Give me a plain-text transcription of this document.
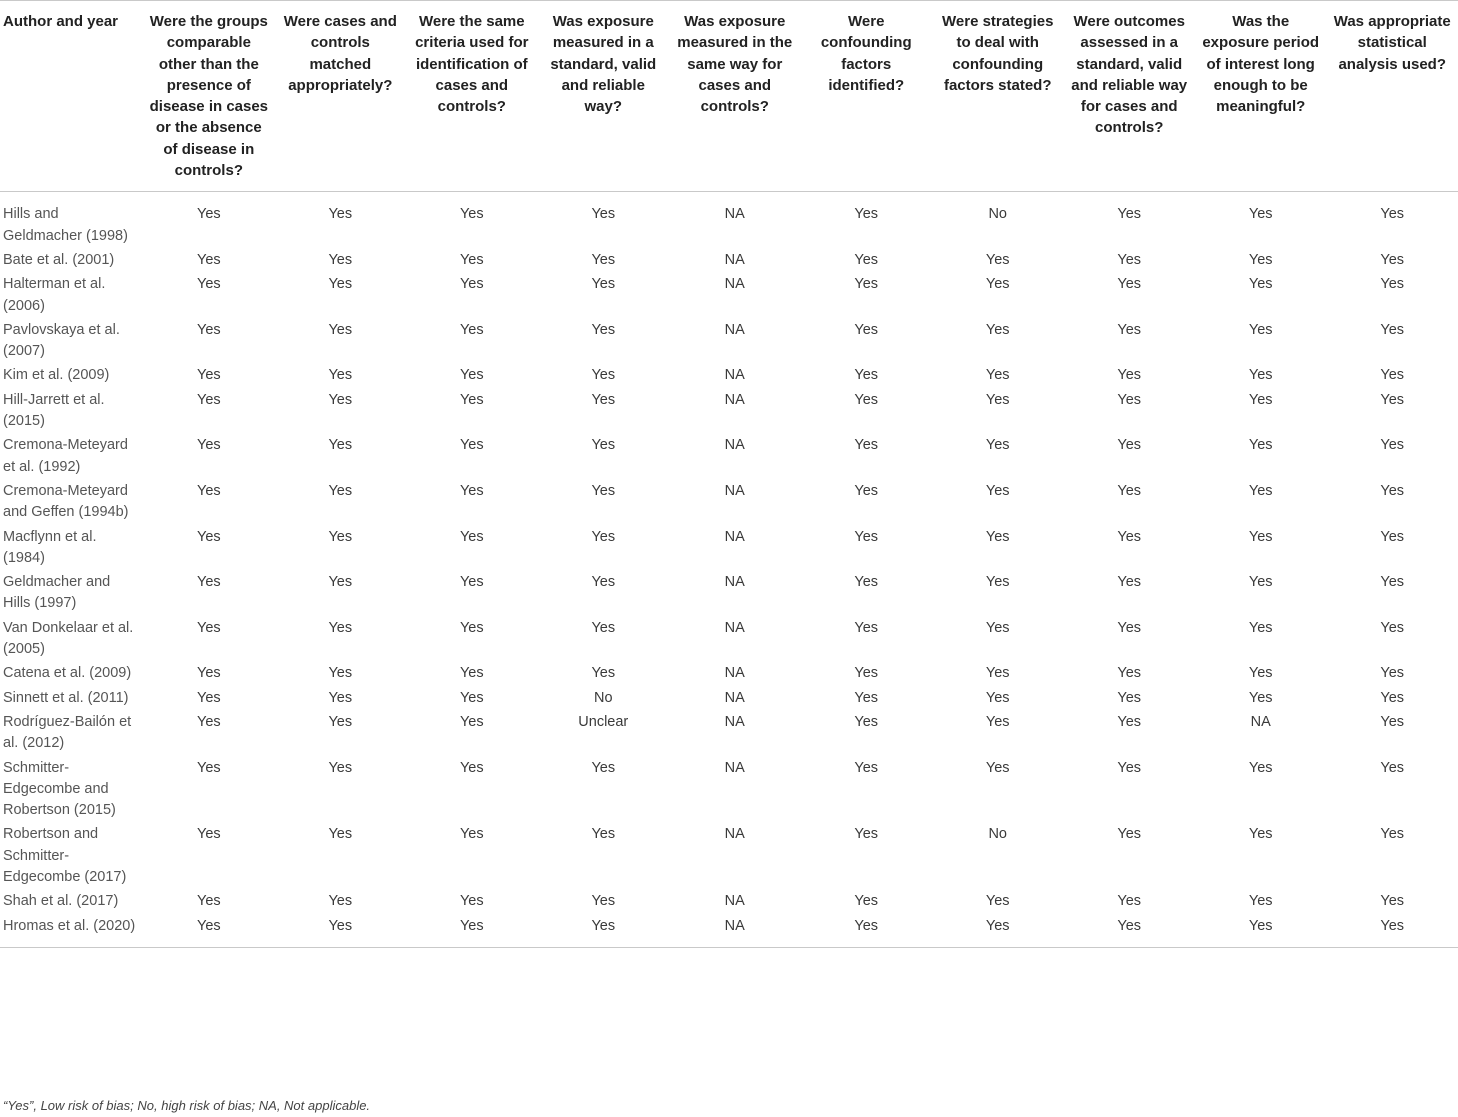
Author and year	Were the groups comparable other than the presence of disease in cases or the absence of disease in controls?	Were cases and controls matched appropriately?	Were the same criteria used for identification of cases and controls?	Was exposure measured in a standard, valid and reliable way?	Was exposure measured in the same way for cases and controls?	Were confounding factors identified?	Were strategies to deal with confounding factors stated?	Were outcomes assessed in a standard, valid and reliable way for cases and controls?	Was the exposure period of interest long enough to be meaningful?	Was appropriate statistical analysis used?
Hills and Geldmacher (1998)	Yes	Yes	Yes	Yes	NA	Yes	No	Yes	Yes	Yes
Bate et al. (2001)	Yes	Yes	Yes	Yes	NA	Yes	Yes	Yes	Yes	Yes
Halterman et al. (2006)	Yes	Yes	Yes	Yes	NA	Yes	Yes	Yes	Yes	Yes
Pavlovskaya et al. (2007)	Yes	Yes	Yes	Yes	NA	Yes	Yes	Yes	Yes	Yes
Kim et al. (2009)	Yes	Yes	Yes	Yes	NA	Yes	Yes	Yes	Yes	Yes
Hill-Jarrett et al. (2015)	Yes	Yes	Yes	Yes	NA	Yes	Yes	Yes	Yes	Yes
Cremona-Meteyard et al. (1992)	Yes	Yes	Yes	Yes	NA	Yes	Yes	Yes	Yes	Yes
Cremona-Meteyard and Geffen (1994b)	Yes	Yes	Yes	Yes	NA	Yes	Yes	Yes	Yes	Yes
Macflynn et al. (1984)	Yes	Yes	Yes	Yes	NA	Yes	Yes	Yes	Yes	Yes
Geldmacher and Hills (1997)	Yes	Yes	Yes	Yes	NA	Yes	Yes	Yes	Yes	Yes
Van Donkelaar et al. (2005)	Yes	Yes	Yes	Yes	NA	Yes	Yes	Yes	Yes	Yes
Catena et al. (2009)	Yes	Yes	Yes	Yes	NA	Yes	Yes	Yes	Yes	Yes
Sinnett et al. (2011)	Yes	Yes	Yes	No	NA	Yes	Yes	Yes	Yes	Yes
Rodríguez-Bailón et al. (2012)	Yes	Yes	Yes	Unclear	NA	Yes	Yes	Yes	NA	Yes
Schmitter-Edgecombe and Robertson (2015)	Yes	Yes	Yes	Yes	NA	Yes	Yes	Yes	Yes	Yes
Robertson and Schmitter-Edgecombe (2017)	Yes	Yes	Yes	Yes	NA	Yes	No	Yes	Yes	Yes
Shah et al. (2017)	Yes	Yes	Yes	Yes	NA	Yes	Yes	Yes	Yes	Yes
Hromas et al. (2020)	Yes	Yes	Yes	Yes	NA	Yes	Yes	Yes	Yes	Yes
“Yes”, Low risk of bias; No, high risk of bias; NA, Not applicable.
